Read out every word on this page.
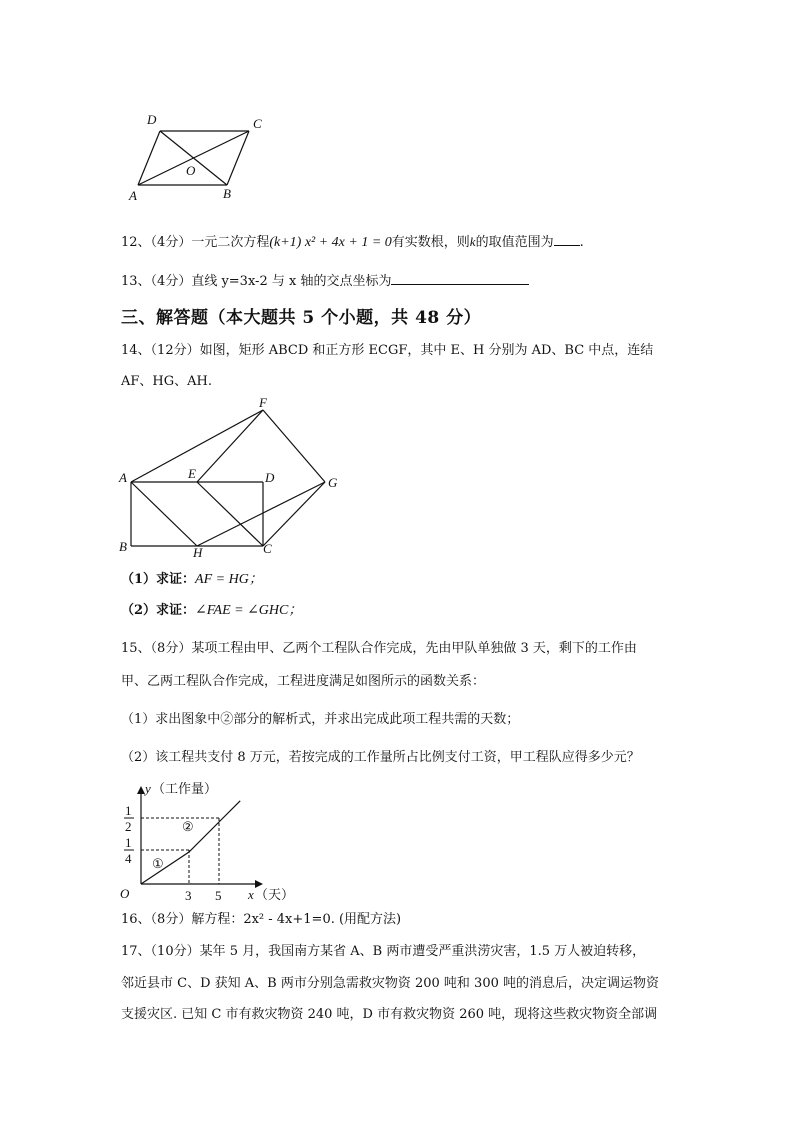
D	C
O
A	B
12、（4分）一元二次方程(k+1) x² + 4x + 1 = 0有实数根，则k的取值范围为 .
13、（4分）直线 y=3x-2 与 x 轴的交点坐标为
三、解答题（本大题共 5 个小题，共 48 分）
14、（12分）如图，矩形 ABCD 和正方形 ECGF，其中 E、H 分别为 AD、BC 中点，连结
AF、HG、AH.
F
A	E	D	G
B	H	C
（1）求证：AF = HG；
（2）求证：∠FAE = ∠GHC；
15、（8分）某项工程由甲、乙两个工程队合作完成，先由甲队单独做 3 天，剩下的工作由
甲、乙两工程队合作完成，工程进度满足如图所示的函数关系：
（1）求出图象中②部分的解析式，并求出完成此项工程共需的天数；
（2）该工程共支付 8 万元，若按完成的工作量所占比例支付工资，甲工程队应得多少元？
y （工作量）
x （天）
O	3 5
1
2
1
4 ①
②
16、（8分）解方程：2x² - 4x+1=0. (用配方法)
17、（10分）某年 5 月，我国南方某省 A、B 两市遭受严重洪涝灾害，1.5 万人被迫转移，
邻近县市 C、D 获知 A、B 两市分别急需救灾物资 200 吨和 300 吨的消息后，决定调运物资
支援灾区. 已知 C 市有救灾物资 240 吨，D 市有救灾物资 260 吨，现将这些救灾物资全部调
